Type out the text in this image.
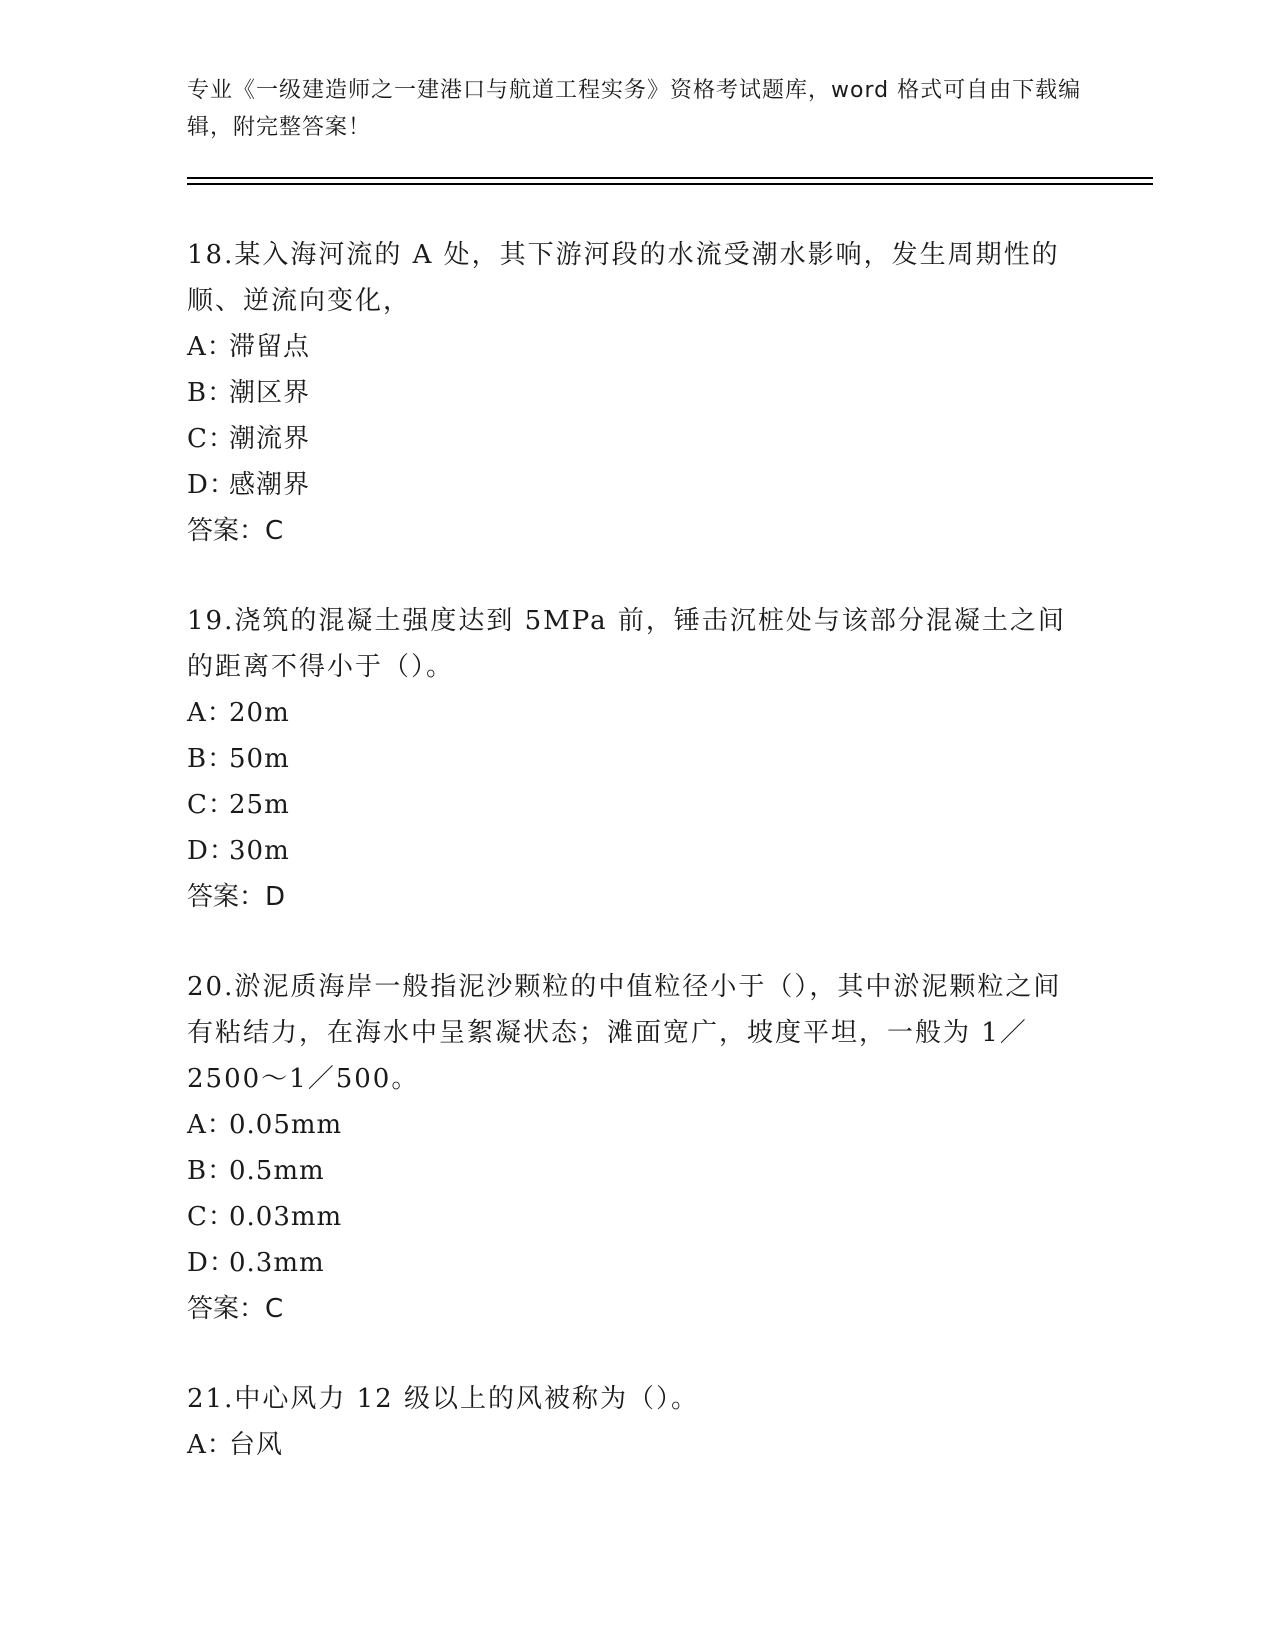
专业《一级建造师之一建港口与航道工程实务》资格考试题库，word 格式可自由下载编辑，附完整答案！

18.某入海河流的 A 处，其下游河段的水流受潮水影响，发生周期性的顺、逆流向变化，

A：滞留点

B：潮区界

C：潮流界

D：感潮界

答案：C

19.浇筑的混凝土强度达到 5MPa 前，锤击沉桩处与该部分混凝土之间的距离不得小于（）。

A：20m

B：50m

C：25m

D：30m

答案：D

20.淤泥质海岸一般指泥沙颗粒的中值粒径小于（），其中淤泥颗粒之间有粘结力，在海水中呈絮凝状态；滩面宽广，坡度平坦，一般为 1／2500～1／500。

A：0.05mm

B：0.5mm

C：0.03mm

D：0.3mm

答案：C

21.中心风力 12 级以上的风被称为（）。

A：台风
